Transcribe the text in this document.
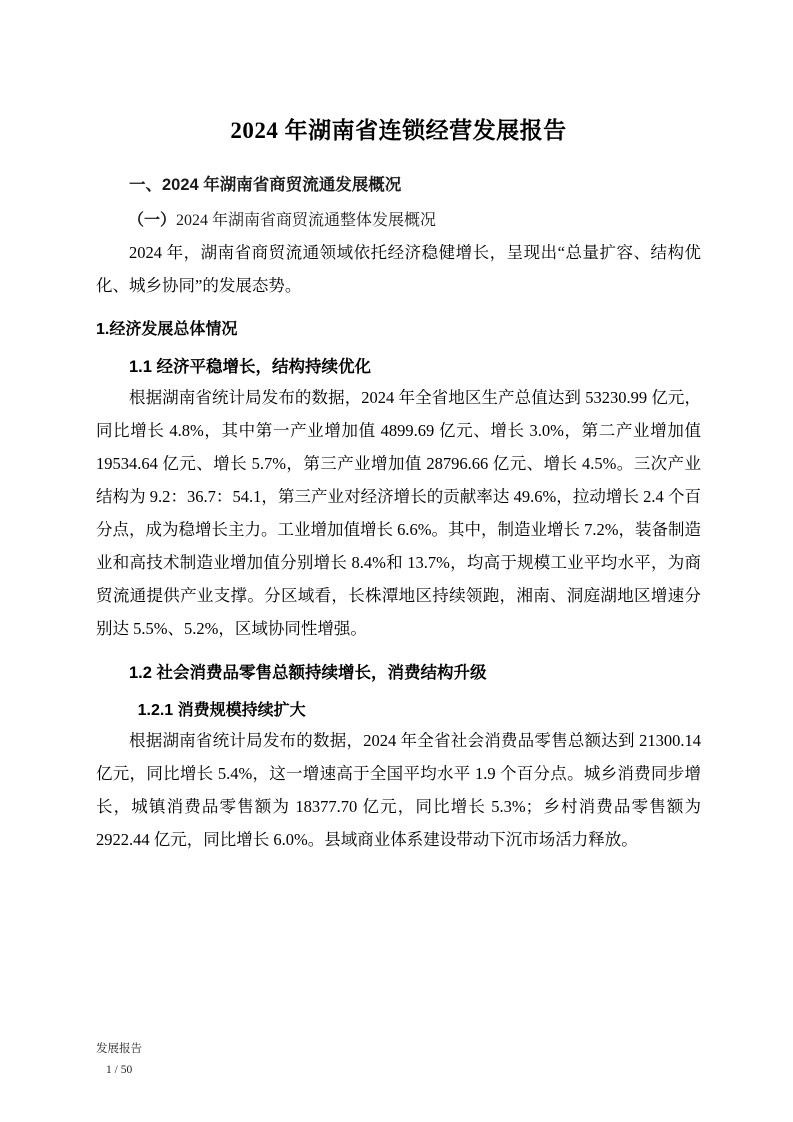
2024 年湖南省连锁经营发展报告
一、2024 年湖南省商贸流通发展概况
（一）2024 年湖南省商贸流通整体发展概况

2024 年，湖南省商贸流通领域依托经济稳健增长，呈现出“总量扩容、结构优化、城乡协同”的发展态势。

1.经济发展总体情况
1.1 经济平稳增长，结构持续优化

根据湖南省统计局发布的数据，2024 年全省地区生产总值达到 53230.99 亿元，同比增长 4.8%，其中第一产业增加值 4899.69 亿元、增长 3.0%，第二产业增加值 19534.64 亿元、增长 5.7%，第三产业增加值 28796.66 亿元、增长 4.5%。三次产业结构为 9.2：36.7：54.1，第三产业对经济增长的贡献率达 49.6%，拉动增长 2.4 个百分点，成为稳增长主力。工业增加值增长 6.6%。其中，制造业增长 7.2%，装备制造业和高技术制造业增加值分别增长 8.4%和 13.7%，均高于规模工业平均水平，为商贸流通提供产业支撑。分区域看，长株潭地区持续领跑，湘南、洞庭湖地区增速分别达 5.5%、5.2%，区域协同性增强。

1.2 社会消费品零售总额持续增长，消费结构升级
1.2.1 消费规模持续扩大

根据湖南省统计局发布的数据，2024 年全省社会消费品零售总额达到 21300.14 亿元，同比增长 5.4%，这一增速高于全国平均水平 1.9 个百分点。城乡消费同步增长，城镇消费品零售额为 18377.70 亿元，同比增长 5.3%；乡村消费品零售额为 2922.44 亿元，同比增长 6.0%。县域商业体系建设带动下沉市场活力释放。

发展报告
1 / 50
